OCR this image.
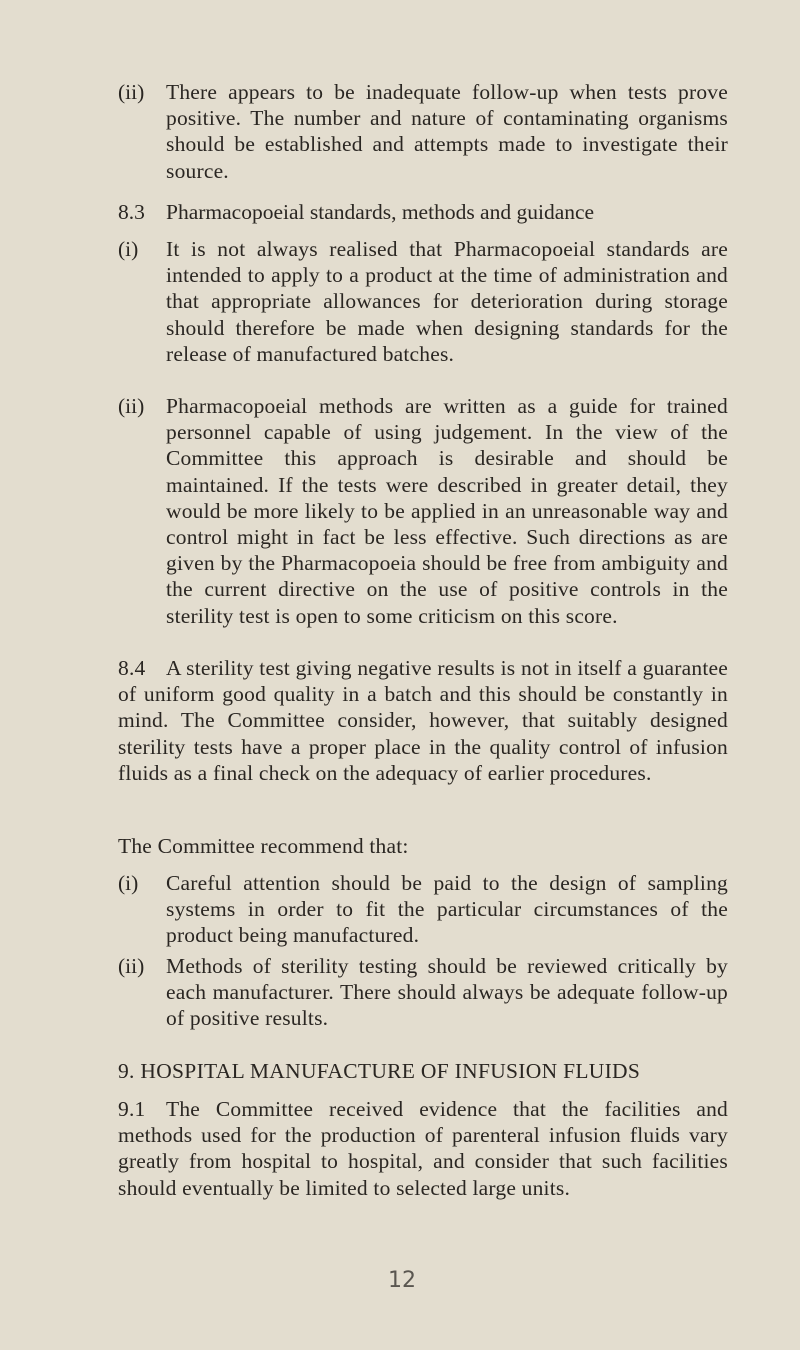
(ii) There appears to be inadequate follow-up when tests prove positive. The number and nature of contaminating organisms should be established and attempts made to investigate their source.
8.3 Pharmacopoeial standards, methods and guidance
(i) It is not always realised that Pharmacopoeial standards are intended to apply to a product at the time of administration and that appropriate allowances for deterioration during storage should therefore be made when designing standards for the release of manufactured batches.
(ii) Pharmacopoeial methods are written as a guide for trained personnel capable of using judgement. In the view of the Committee this approach is desirable and should be maintained. If the tests were described in greater detail, they would be more likely to be applied in an unreasonable way and control might in fact be less effective. Such directions as are given by the Pharmacopoeia should be free from ambiguity and the current directive on the use of positive controls in the sterility test is open to some criticism on this score.
8.4 A sterility test giving negative results is not in itself a guarantee of uniform good quality in a batch and this should be constantly in mind. The Committee consider, however, that suitably designed sterility tests have a proper place in the quality control of infusion fluids as a final check on the adequacy of earlier procedures.
The Committee recommend that:
(i) Careful attention should be paid to the design of sampling systems in order to fit the particular circumstances of the product being manufactured.
(ii) Methods of sterility testing should be reviewed critically by each manufacturer. There should always be adequate follow-up of positive results.
9. HOSPITAL MANUFACTURE OF INFUSION FLUIDS
9.1 The Committee received evidence that the facilities and methods used for the production of parenteral infusion fluids vary greatly from hospital to hospital, and consider that such facilities should eventually be limited to selected large units.
12
